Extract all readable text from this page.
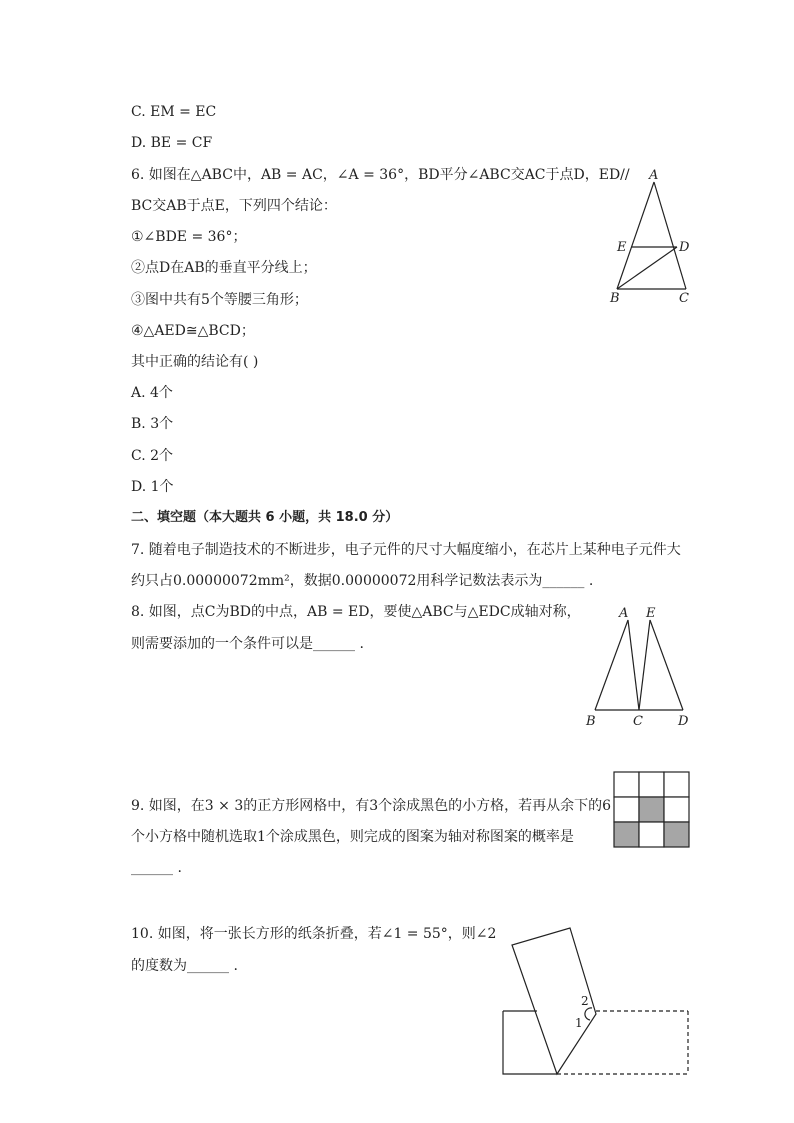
C. EM = EC
D. BE = CF
6. 如图在△ABC中，AB = AC，∠A = 36°，BD平分∠ABC交AC于点D，ED//
BC交AB于点E，下列四个结论：
①∠BDE = 36°；
②点D在AB的垂直平分线上；
③图中共有5个等腰三角形；
④△AED≅△BCD；
其中正确的结论有( )
A. 4个
B. 3个
C. 2个
D. 1个
A
E	D
B	C
二、填空题（本大题共 6 小题，共 18.0 分）
7. 随着电子制造技术的不断进步，电子元件的尺寸大幅度缩小，在芯片上某种电子元件大
约只占0.00000072mm²，数据0.00000072用科学记数法表示为______ .
8. 如图，点C为BD的中点，AB = ED，要使△ABC与△EDC成轴对称，
则需要添加的一个条件可以是______ .
A E
B	C	D
9. 如图，在3 × 3的正方形网格中，有3个涂成黑色的小方格，若再从余下的6
个小方格中随机选取1个涂成黑色，则完成的图案为轴对称图案的概率是
______ .
10. 如图，将一张长方形的纸条折叠，若∠1 = 55°，则∠2
的度数为______ .
2
1
